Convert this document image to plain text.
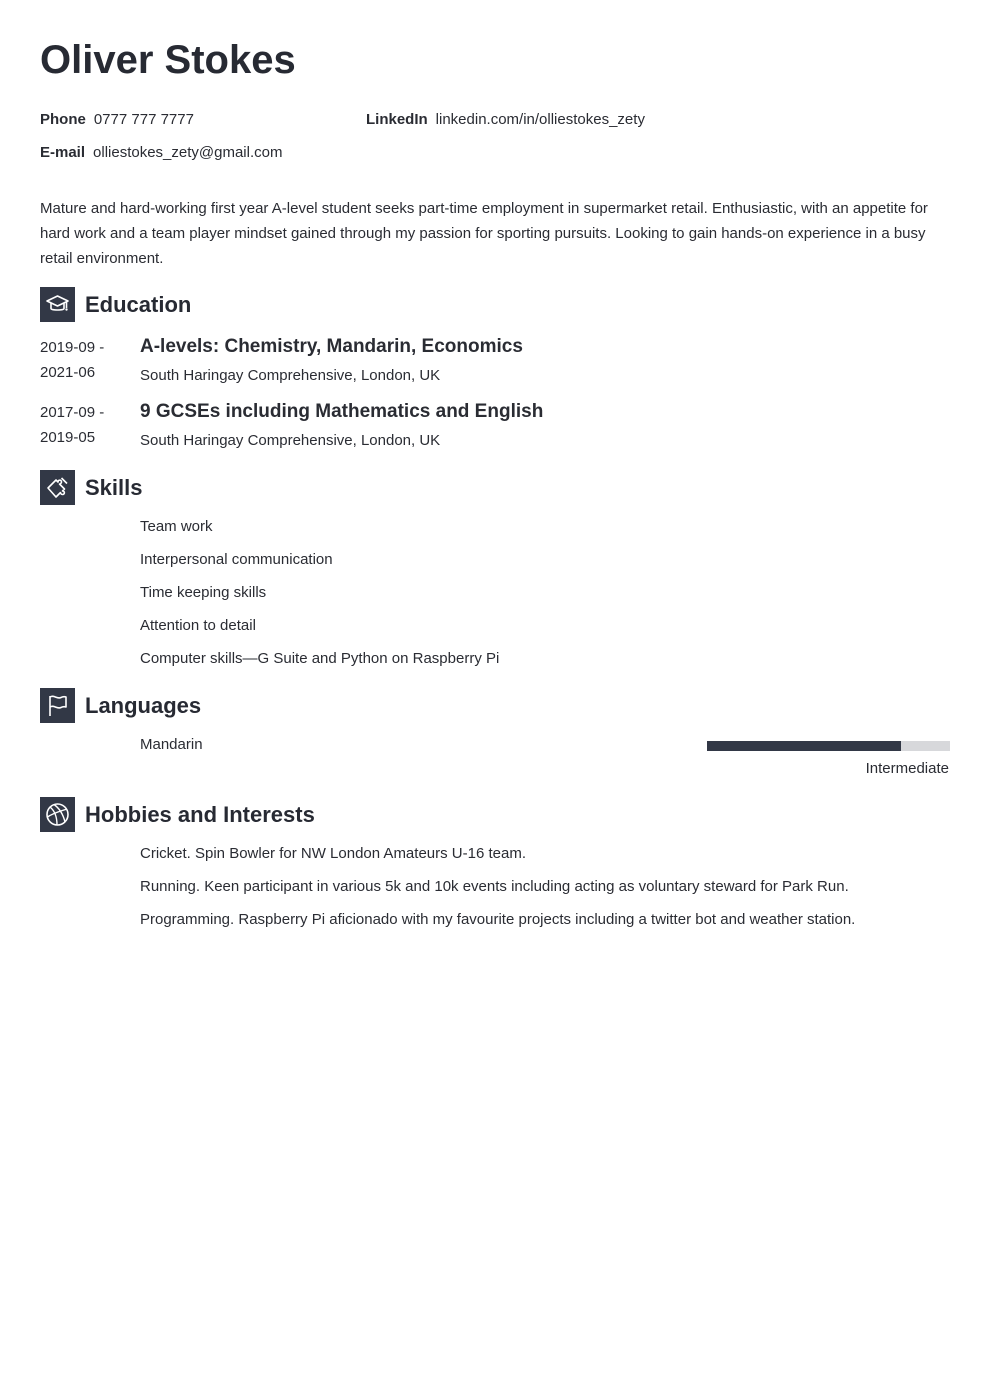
Oliver Stokes
Phone 0777 777 7777	LinkedIn linkedin.com/in/olliestokes_zety
E-mail olliestokes_zety@gmail.com

Mature and hard-working first year A-level student seeks part-time employment in supermarket retail. Enthusiastic, with an appetite for hard work and a team player mindset gained through my passion for sporting pursuits. Looking to gain hands-on experience in a busy retail environment.

Education
2019-09 -
2021-06
A-levels: Chemistry, Mandarin, Economics
South Haringay Comprehensive, London, UK
2017-09 -
2019-05
9 GCSEs including Mathematics and English
South Haringay Comprehensive, London, UK
Skills
Team work
Interpersonal communication
Time keeping skills
Attention to detail
Computer skills—G Suite and Python on Raspberry Pi
Languages
Mandarin
Intermediate
Hobbies and Interests
Cricket. Spin Bowler for NW London Amateurs U-16 team.
Running. Keen participant in various 5k and 10k events including acting as voluntary steward for Park Run.
Programming. Raspberry Pi aficionado with my favourite projects including a twitter bot and weather station.
